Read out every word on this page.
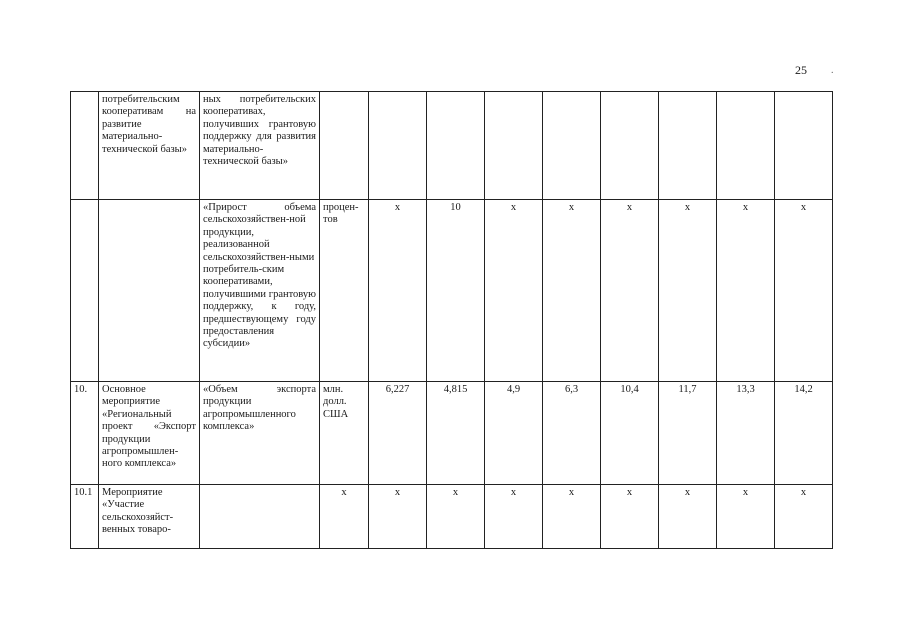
25 .
	потребительским кооперативам на развитие материально-технической базы»	ных потребительских кооперативах, получивших грантовую поддержку для развития материально-технической базы»									
		«Прирост объема сельскохозяйствен-ной продукции, реализованной сельскохозяйствен-ными потребитель-ским кооперативами, получившими грантовую поддержку, к году, предшествующему году предоставления субсидии»	процен-тов	х	10	х	х	х	х	х	х
10.	Основное мероприятие «Региональный проект «Экспорт продукции агропромышлен-ного комплекса»	«Объем экспорта продукции агропромышленного комплекса»	млн. долл. США	6,227	4,815	4,9	6,3	10,4	11,7	13,3	14,2
10.1	Мероприятие «Участие сельскохозяйст-венных товаро-		х	х	х	х	х	х	х	х	х
